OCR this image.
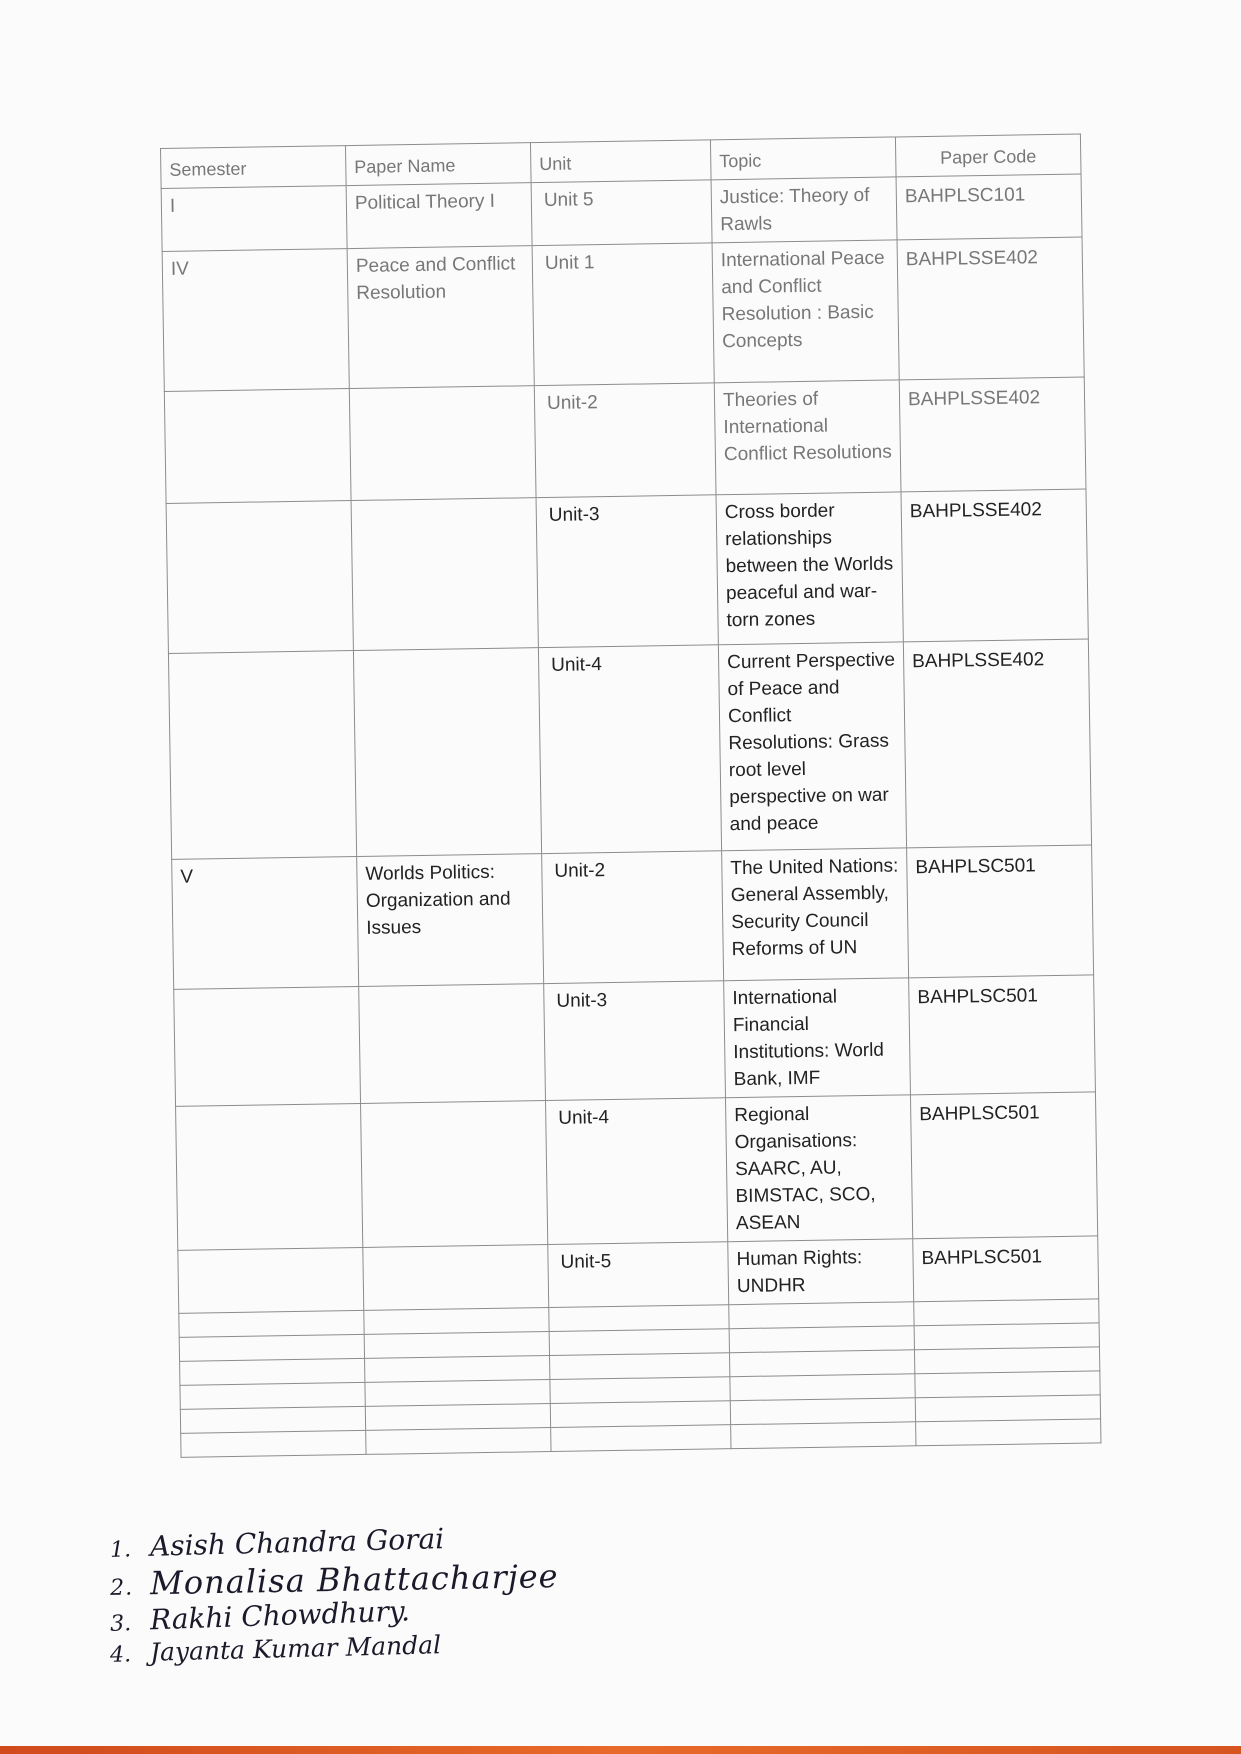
Semester	Paper Name	Unit	Topic	Paper Code
I	Political Theory I	Unit 5	Justice: Theory of Rawls	BAHPLSC101
IV	Peace and Conflict Resolution	Unit 1	International Peace and Conflict Resolution : Basic Concepts	BAHPLSSE402
		Unit-2	Theories of International Conflict Resolutions	BAHPLSSE402
		Unit-3	Cross border relationships between the Worlds peaceful and war-torn zones	BAHPLSSE402
		Unit-4	Current Perspective of Peace and Conflict Resolutions: Grass root level perspective on war and peace	BAHPLSSE402
V	Worlds Politics: Organization and Issues	Unit-2	The United Nations: General Assembly, Security Council Reforms of UN	BAHPLSC501
		Unit-3	International Financial Institutions: World Bank, IMF	BAHPLSC501
		Unit-4	Regional Organisations: SAARC, AU, BIMSTAC, SCO, ASEAN	BAHPLSC501
		Unit-5	Human Rights: UNDHR	BAHPLSC501

1. Asish Chandra Gorai
2. Monalisa Bhattacharjee
3. Rakhi Chowdhury.
4. Jayanta Kumar Mandal
